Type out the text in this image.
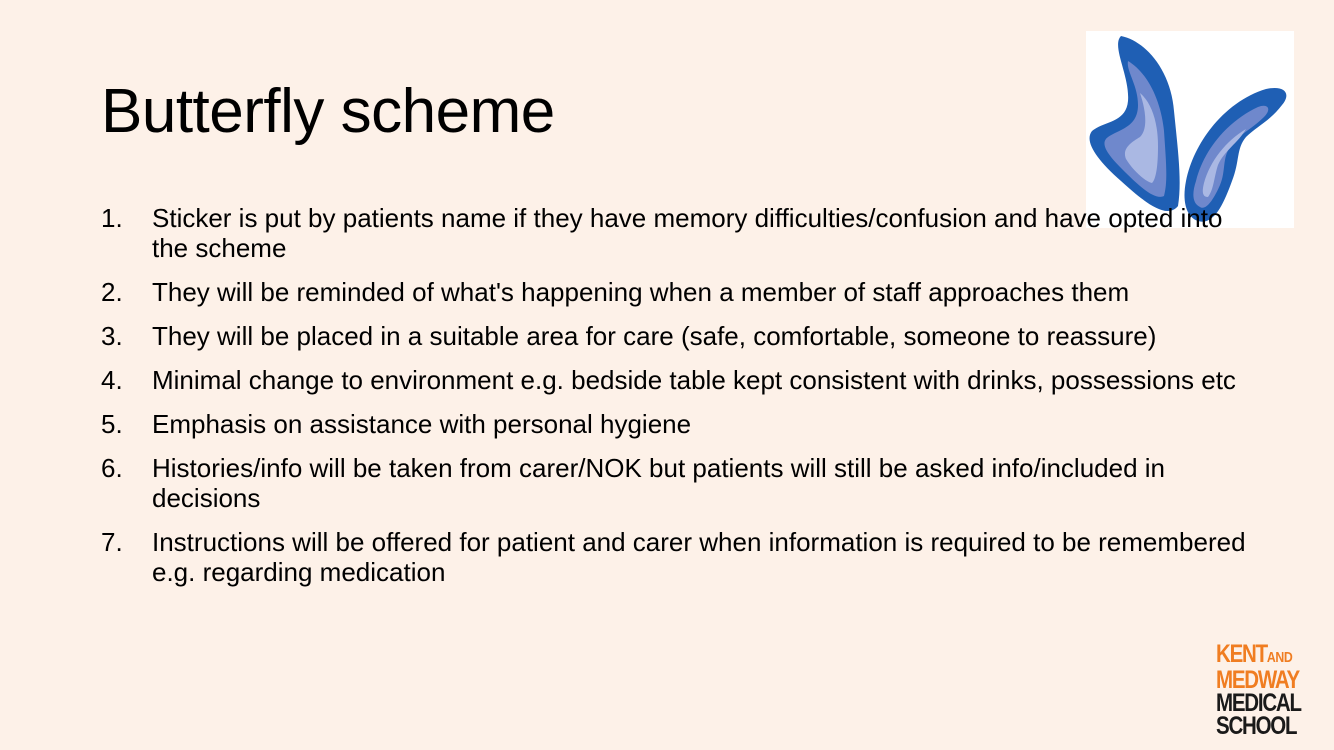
Butterfly scheme
1. Sticker is put by patients name if they have memory difficulties/confusion and have opted into the scheme
2. They will be reminded of what's happening when a member of staff approaches them
3. They will be placed in a suitable area for care (safe, comfortable, someone to reassure)
4. Minimal change to environment e.g. bedside table kept consistent with drinks, possessions etc
5. Emphasis on assistance with personal hygiene
6. Histories/info will be taken from carer/NOK but patients will still be asked info/included in decisions
7. Instructions will be offered for patient and carer when information is required to be remembered e.g. regarding medication
KENTAND
MEDWAY
MEDICAL
SCHOOL
